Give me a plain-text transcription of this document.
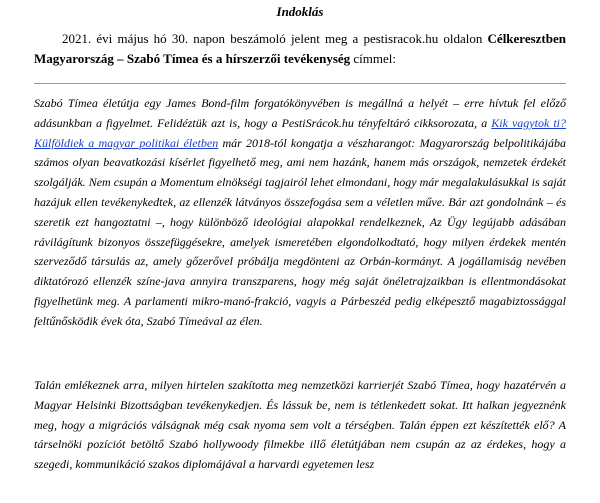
Indoklás

2021. évi május hó 30. napon beszámoló jelent meg a pestisracok.hu oldalon Célkeresztben Magyarország – Szabó Tímea és a hírszerzői tevékenység címmel:

Szabó Tímea életútja egy James Bond-film forgatókönyvében is megállná a helyét – erre hívtuk fel előző adásunkban a figyelmet. Felidéztük azt is, hogy a PestiSrácok.hu tényfeltáró cikksorozata, a Kik vagytok ti? Külföldiek a magyar politikai életben már 2018-tól kongatja a vészharangot: Magyarország belpolitikájába számos olyan beavatkozási kísérlet figyelhető meg, ami nem hazánk, hanem más országok, nemzetek érdekét szolgálják. Nem csupán a Momentum elnökségi tagjairól lehet elmondani, hogy már megalakulásukkal is saját hazájuk ellen tevékenykedtek, az ellenzék látványos összefogása sem a véletlen műve. Bár azt gondolnánk – és szeretik ezt hangoztatni –, hogy különböző ideológiai alapokkal rendelkeznek, Az Ügy legújabb adásában rávilágítunk bizonyos összefüggésekre, amelyek ismeretében elgondolkodtató, hogy milyen érdekek mentén szerveződő társulás az, amely gőzerővel próbálja megdönteni az Orbán-kormányt. A jogállamiság nevében diktatórozó ellenzék színe-java annyira transzparens, hogy még saját önéletrajzaikban is ellentmondásokat figyelhetünk meg. A parlamenti mikro-manó-frakció, vagyis a Párbeszéd pedig elképesztő magabiztossággal feltűnősködik évek óta, Szabó Tímeával az élen.

Talán emlékeznek arra, milyen hirtelen szakította meg nemzetközi karrierjét Szabó Tímea, hogy hazatérvén a Magyar Helsinki Bizottságban tevékenykedjen. És lássuk be, nem is tétlenkedett sokat. Itt halkan jegyeznénk meg, hogy a migrációs válságnak még csak nyoma sem volt a térségben. Talán éppen ezt készítették elő? A társelnöki pozíciót betöltő Szabó hollywoody filmekbe illő életútjában nem csupán az az érdekes, hogy a szegedi, kommunikáció szakos diplomájával a harvardi egyetemen lesz
